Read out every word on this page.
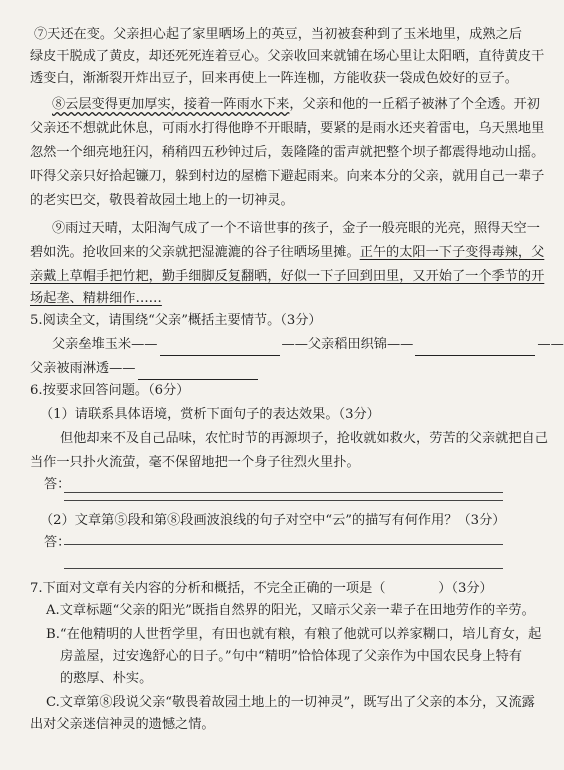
⑦天还在变。父亲担心起了家里晒场上的英豆，当初被套种到了玉米地里，成熟之后
绿皮干脱成了黄皮，却还死死连着豆心。父亲收回来就铺在场心里让太阳晒，直待黄皮干
透变白，渐渐裂开炸出豆子，回来再使上一阵连枷，方能收获一袋成色姣好的豆子。
⑧云层变得更加厚实，接着一阵雨水下来，父亲和他的一丘稻子被淋了个全透。开初
父亲还不想就此休息，可雨水打得他睁不开眼睛，要紧的是雨水还夹着雷电，乌天黑地里
忽然一个细亮地狂闪，稍稍四五秒钟过后，轰隆隆的雷声就把整个坝子都震得地动山摇。
吓得父亲只好拾起镰刀，躲到村边的屋檐下避起雨来。向来本分的父亲，就用自己一辈子
的老实巴交，敬畏着故园土地上的一切神灵。
⑨雨过天晴，太阳淘气成了一个不谙世事的孩子，金子一般亮眼的光亮，照得天空一
碧如洗。抢收回来的父亲就把湿漉漉的谷子往晒场里摊。正午的太阳一下子变得毒辣，父
亲戴上草帽手把竹耙，勤手细脚反复翻晒，好似一下子回到田里，又开始了一个季节的开
场起垄、精耕细作……
5.阅读全文，请围绕“父亲”概括主要情节。（3分）
父亲垒堆玉米——	——父亲稻田织锦——	——
父亲被雨淋透——
6.按要求回答问题。（6分）
（1）请联系具体语境，赏析下面句子的表达效果。（3分）
但他却来不及自己品味，农忙时节的再源坝子，抢收就如救火，劳苦的父亲就把自己
当作一只扑火流萤，毫不保留地把一个身子往烈火里扑。
答：
（2）文章第⑤段和第⑧段画波浪线的句子对空中“云”的描写有何作用？（3分）
答：
7.下面对文章有关内容的分析和概括，不完全正确的一项是（　　　　）（3分）
A.文章标题“父亲的阳光”既指自然界的阳光，又暗示父亲一辈子在田地劳作的辛劳。
B.“在他精明的人世哲学里，有田也就有粮，有粮了他就可以养家糊口，培儿育女，起
房盖屋，过安逸舒心的日子。”句中“精明”恰恰体现了父亲作为中国农民身上特有
的憨厚、朴实。
C.文章第⑧段说父亲“敬畏着故园土地上的一切神灵”，既写出了父亲的本分，又流露
出对父亲迷信神灵的遗憾之情。
